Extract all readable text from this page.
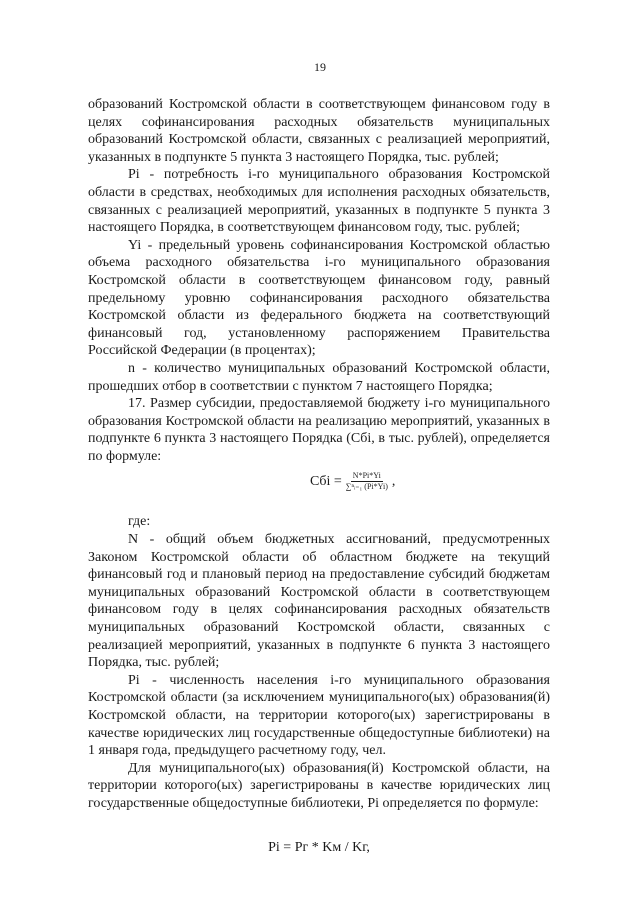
19

образований Костромской области в соответствующем финансовом году в целях софинансирования расходных обязательств муниципальных образований Костромской области, связанных с реализацией мероприятий, указанных в подпункте 5 пункта 3 настоящего Порядка, тыс. рублей;

Pi - потребность i-го муниципального образования Костромской области в средствах, необходимых для исполнения расходных обязательств, связанных с реализацией мероприятий, указанных в подпункте 5 пункта 3 настоящего Порядка, в соответствующем финансовом году, тыс. рублей;

Yi - предельный уровень софинансирования Костромской областью объема расходного обязательства i-го муниципального образования Костромской области в соответствующем финансовом году, равный предельному уровню софинансирования расходного обязательства Костромской области из федерального бюджета на соответствующий финансовый год, установленному распоряжением Правительства Российской Федерации (в процентах);

n - количество муниципальных образований Костромской области, прошедших отбор в соответствии с пунктом 7 настоящего Порядка;

17. Размер субсидии, предоставляемой бюджету i-го муниципального образования Костромской области на реализацию мероприятий, указанных в подпункте 6 пункта 3 настоящего Порядка (Cбi, в тыс. рублей), определяется по формуле:

Cбi = $\frac{N*Pi*Yi}{\text{∑ⁿᵢ₌₁ (Pi*Yi)}}$ ,

где:

N - общий объем бюджетных ассигнований, предусмотренных Законом Костромской области об областном бюджете на текущий финансовый год и плановый период на предоставление субсидий бюджетам муниципальных образований Костромской области в соответствующем финансовом году в целях софинансирования расходных обязательств муниципальных образований Костромской области, связанных с реализацией мероприятий, указанных в подпункте 6 пункта 3 настоящего Порядка, тыс. рублей;

Pi - численность населения i-го муниципального образования Костромской области (за исключением муниципального(ых) образования(й) Костромской области, на территории которого(ых) зарегистрированы в качестве юридических лиц государственные общедоступные библиотеки) на 1 января года, предыдущего расчетному году, чел.

Для муниципального(ых) образования(й) Костромской области, на территории которого(ых) зарегистрированы в качестве юридических лиц государственные общедоступные библиотеки, Pi определяется по формуле:

Pi = Pг * Kм / Kг,
